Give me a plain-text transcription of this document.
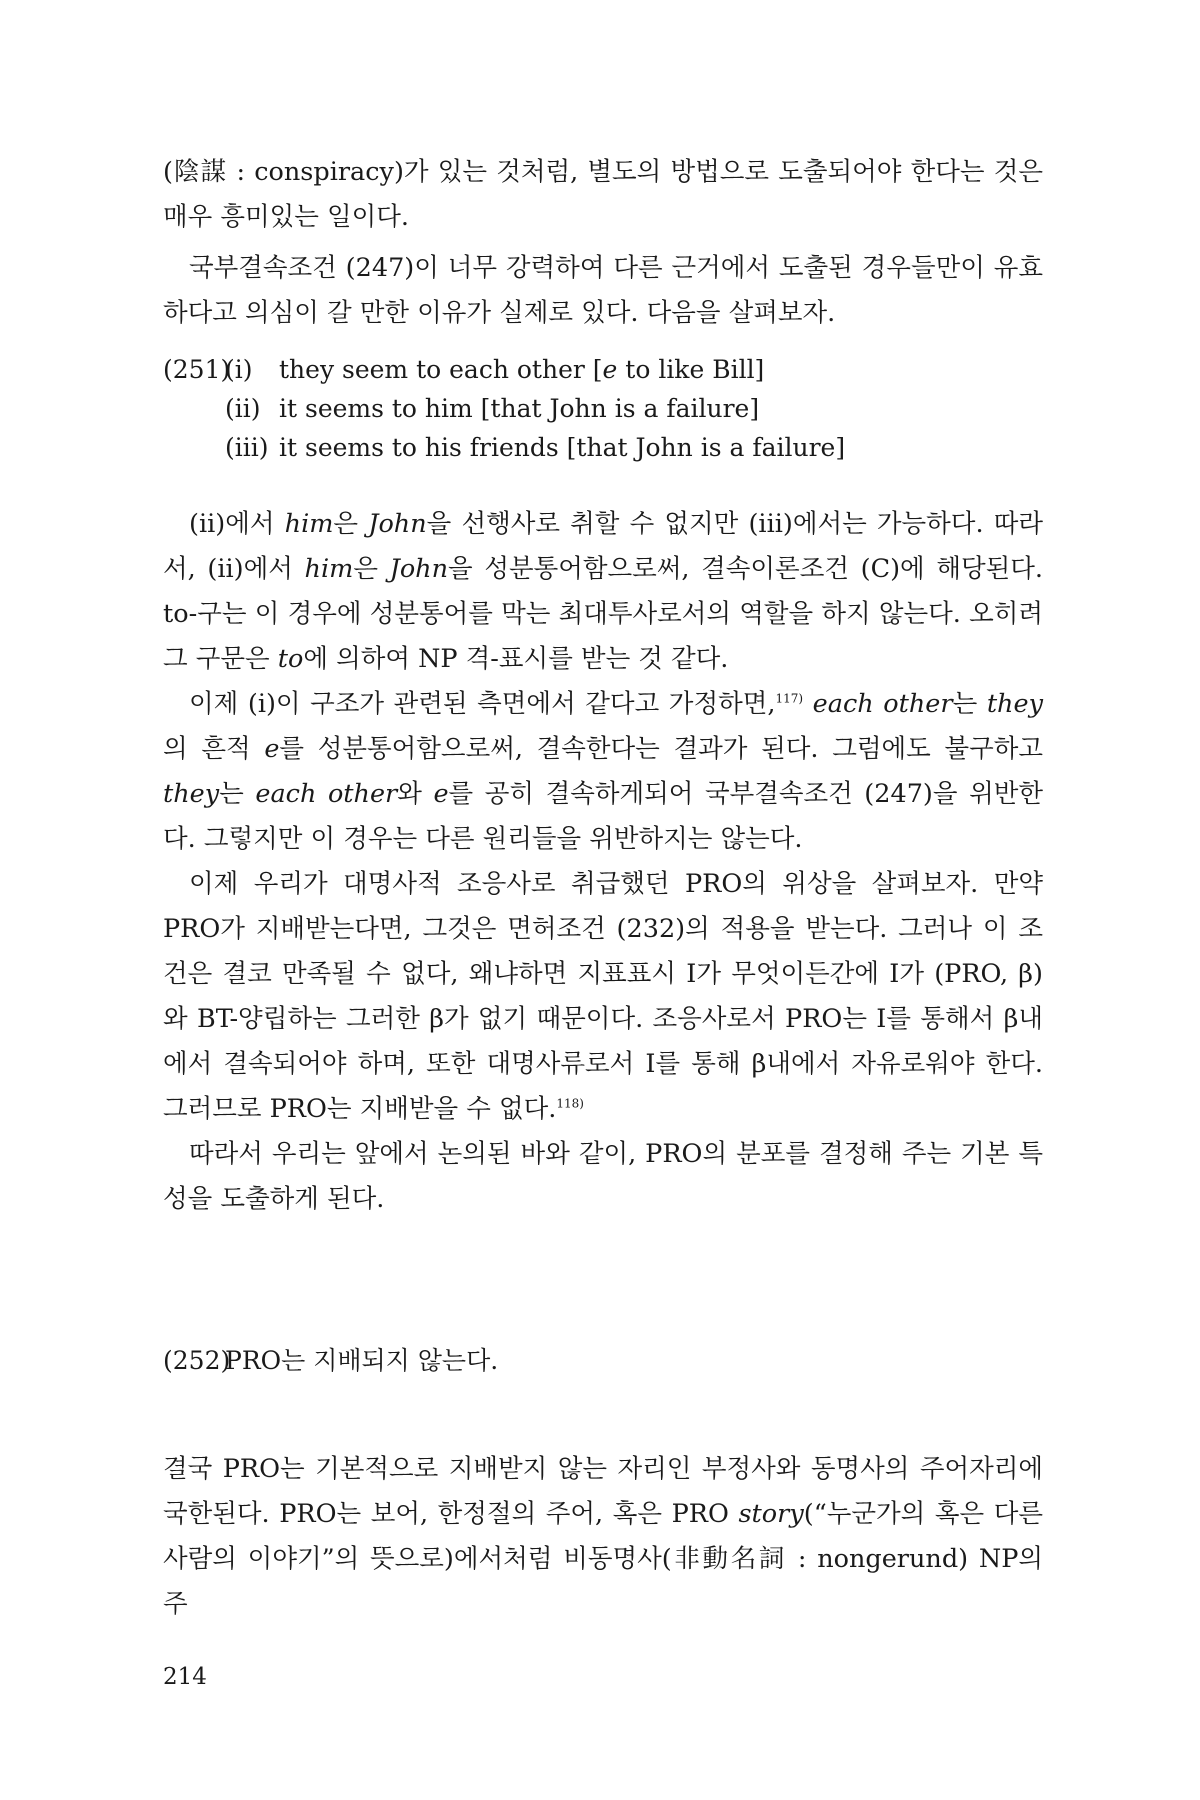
(陰謀 : conspiracy)가 있는 것처럼, 별도의 방법으로 도출되어야 한다는 것은 매우 흥미있는 일이다.

국부결속조건 (247)이 너무 강력하여 다른 근거에서 도출된 경우들만이 유효하다고 의심이 갈 만한 이유가 실제로 있다. 다음을 살펴보자.

(251)(i) they seem to each other [e to like Bill]
(ii) it seems to him [that John is a failure]
(iii) it seems to his friends [that John is a failure]

(ii)에서 him은 John을 선행사로 취할 수 없지만 (iii)에서는 가능하다. 따라서, (ii)에서 him은 John을 성분통어함으로써, 결속이론조건 (C)에 해당된다. to-구는 이 경우에 성분통어를 막는 최대투사로서의 역할을 하지 않는다. 오히려 그 구문은 to에 의하여 NP 격-표시를 받는 것 같다.

이제 (i)이 구조가 관련된 측면에서 같다고 가정하면,$^{117)}$ each other는 they의 흔적 e를 성분통어함으로써, 결속한다는 결과가 된다. 그럼에도 불구하고 they는 each other와 e를 공히 결속하게되어 국부결속조건 (247)을 위반한다. 그렇지만 이 경우는 다른 원리들을 위반하지는 않는다.

이제 우리가 대명사적 조응사로 취급했던 PRO의 위상을 살펴보자. 만약 PRO가 지배받는다면, 그것은 면허조건 (232)의 적용을 받는다. 그러나 이 조건은 결코 만족될 수 없다, 왜냐하면 지표표시 I가 무엇이든간에 I가 (PRO, β)와 BT-양립하는 그러한 β가 없기 때문이다. 조응사로서 PRO는 I를 통해서 β내에서 결속되어야 하며, 또한 대명사류로서 I를 통해 β내에서 자유로워야 한다. 그러므로 PRO는 지배받을 수 없다.$^{118)}$

따라서 우리는 앞에서 논의된 바와 같이, PRO의 분포를 결정해 주는 기본 특성을 도출하게 된다.

(252)PRO는 지배되지 않는다.

결국 PRO는 기본적으로 지배받지 않는 자리인 부정사와 동명사의 주어자리에 국한된다. PRO는 보어, 한정절의 주어, 혹은 PRO story(“누군가의 혹은 다른 사람의 이야기”의 뜻으로)에서처럼 비동명사(非動名詞 : nongerund) NP의 주

214
